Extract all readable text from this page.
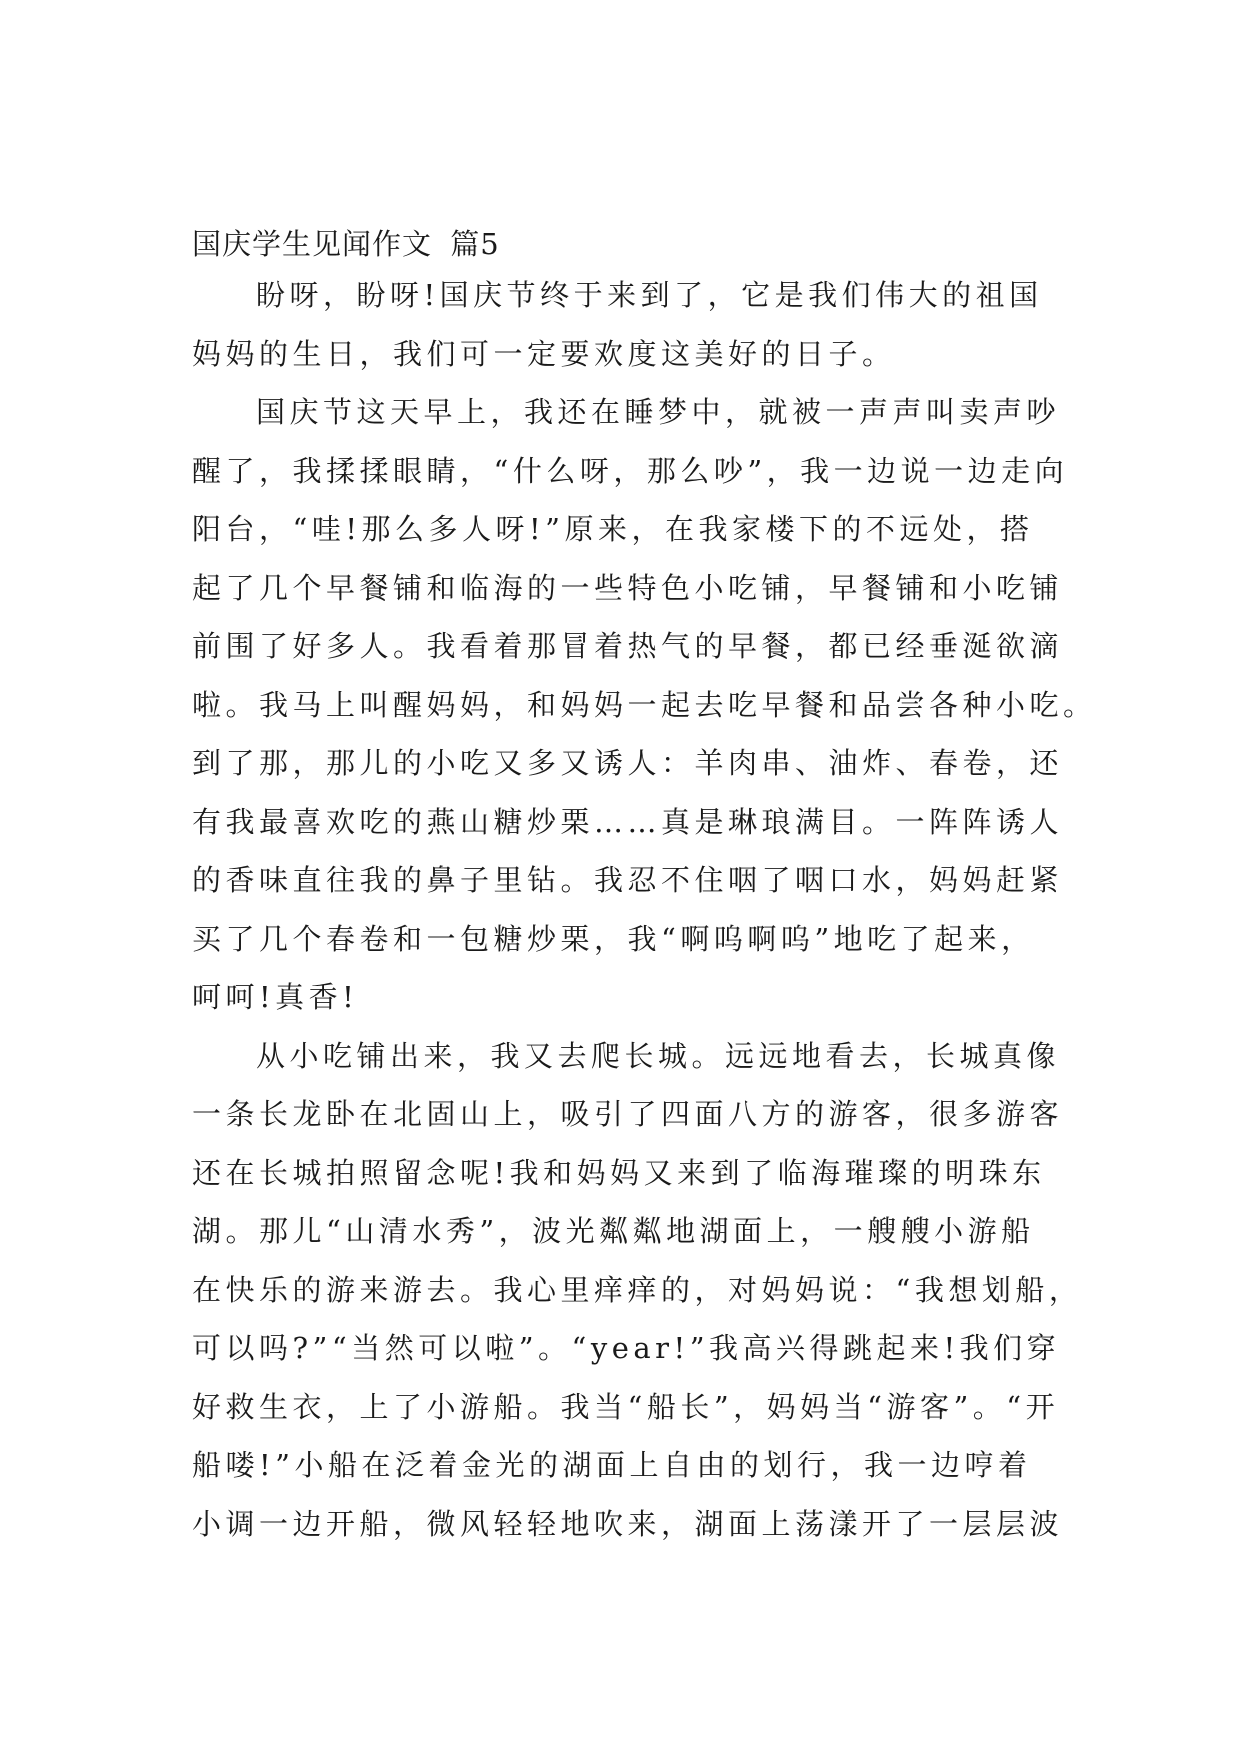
国庆学生见闻作文 篇5
盼呀，盼呀!国庆节终于来到了，它是我们伟大的祖国
妈妈的生日，我们可一定要欢度这美好的日子。
国庆节这天早上，我还在睡梦中，就被一声声叫卖声吵
醒了，我揉揉眼睛，“什么呀，那么吵”，我一边说一边走向
阳台，“哇!那么多人呀!”原来，在我家楼下的不远处，搭
起了几个早餐铺和临海的一些特色小吃铺，早餐铺和小吃铺
前围了好多人。我看着那冒着热气的早餐，都已经垂涎欲滴
啦。我马上叫醒妈妈，和妈妈一起去吃早餐和品尝各种小吃。
到了那，那儿的小吃又多又诱人：羊肉串、油炸、春卷，还
有我最喜欢吃的燕山糖炒栗……真是琳琅满目。一阵阵诱人
的香味直往我的鼻子里钻。我忍不住咽了咽口水，妈妈赶紧
买了几个春卷和一包糖炒栗，我“啊呜啊呜”地吃了起来，
呵呵!真香!
从小吃铺出来，我又去爬长城。远远地看去，长城真像
一条长龙卧在北固山上，吸引了四面八方的游客，很多游客
还在长城拍照留念呢!我和妈妈又来到了临海璀璨的明珠东
湖。那儿“山清水秀”，波光粼粼地湖面上，一艘艘小游船
在快乐的游来游去。我心里痒痒的，对妈妈说：“我想划船，
可以吗?”“当然可以啦”。“year!”我高兴得跳起来!我们穿
好救生衣，上了小游船。我当“船长”，妈妈当“游客”。“开
船喽!”小船在泛着金光的湖面上自由的划行，我一边哼着
小调一边开船，微风轻轻地吹来，湖面上荡漾开了一层层波
